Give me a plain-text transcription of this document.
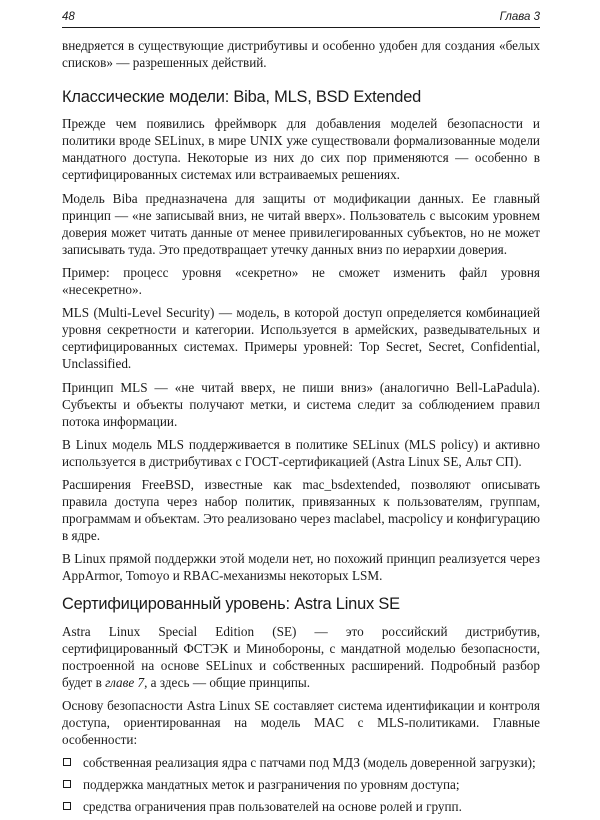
48	Глава 3

внедряется в существующие дистрибутивы и особенно удобен для создания «белых списков» — разрешенных действий.

Классические модели: Biba, MLS, BSD Extended

Прежде чем появились фреймворк для добавления моделей безопасности и политики вроде SELinux, в мире UNIX уже существовали формализованные модели мандатного доступа. Некоторые из них до сих пор применяются — особенно в сертифицированных системах или встраиваемых решениях.

Модель Biba предназначена для защиты от модификации данных. Ее главный принцип — «не записывай вниз, не читай вверх». Пользователь с высоким уровнем доверия может читать данные от менее привилегированных субъектов, но не может записывать туда. Это предотвращает утечку данных вниз по иерархии доверия.

Пример: процесс уровня «секретно» не сможет изменить файл уровня «несекретно».

MLS (Multi-Level Security) — модель, в которой доступ определяется комбинацией уровня секретности и категории. Используется в армейских, разведывательных и сертифицированных системах. Примеры уровней: Top Secret, Secret, Confidential, Unclassified.

Принцип MLS — «не читай вверх, не пиши вниз» (аналогично Bell-LaPadula). Субъекты и объекты получают метки, и система следит за соблюдением правил потока информации.

В Linux модель MLS поддерживается в политике SELinux (MLS policy) и активно используется в дистрибутивах с ГОСТ-сертификацией (Astra Linux SE, Альт СП).

Расширения FreeBSD, известные как mac_bsdextended, позволяют описывать правила доступа через набор политик, привязанных к пользователям, группам, программам и объектам. Это реализовано через maclabel, macpolicy и конфигурацию в ядре.

В Linux прямой поддержки этой модели нет, но похожий принцип реализуется через AppArmor, Tomoyo и RBAC-механизмы некоторых LSM.

Сертифицированный уровень: Astra Linux SE

Astra Linux Special Edition (SE) — это российский дистрибутив, сертифицированный ФСТЭК и Минобороны, с мандатной моделью безопасности, построенной на основе SELinux и собственных расширений. Подробный разбор будет в главе 7, а здесь — общие принципы.

Основу безопасности Astra Linux SE составляет система идентификации и контроля доступа, ориентированная на модель MAC с MLS-политиками. Главные особенности:

собственная реализация ядра с патчами под МДЗ (модель доверенной загрузки);
поддержка мандатных меток и разграничения по уровням доступа;
средства ограничения прав пользователей на основе ролей и групп.
